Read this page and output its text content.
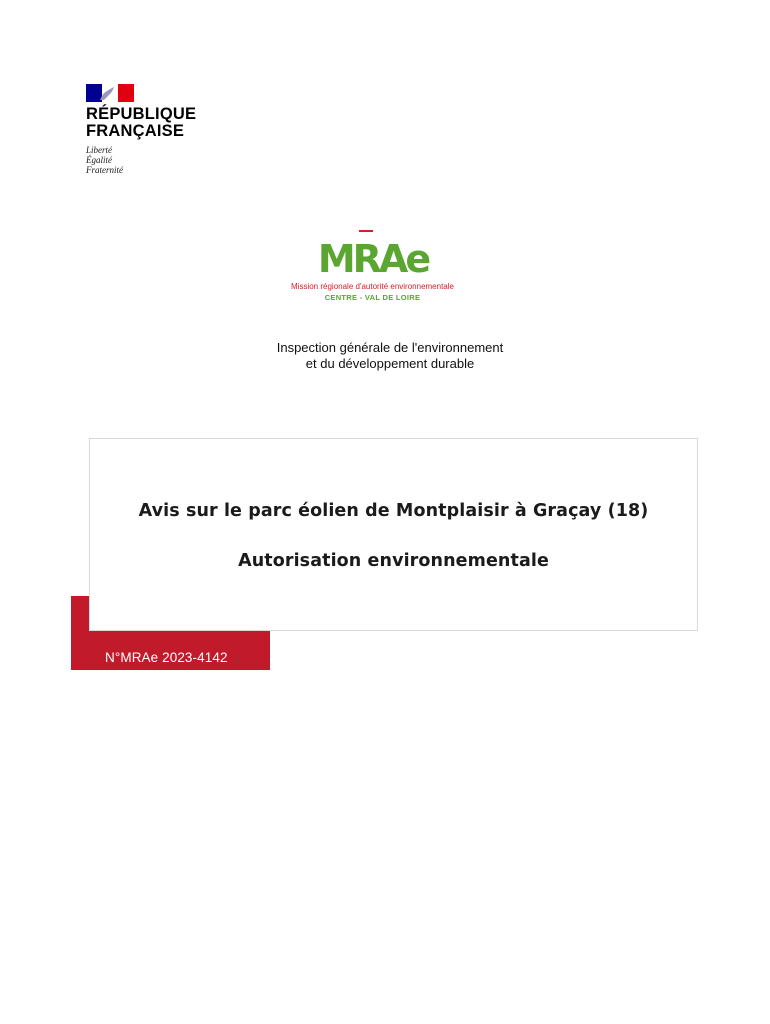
RÉPUBLIQUE
FRANÇAISE
Liberté
Égalité
Fraternité
MRAe
Mission régionale d'autorité environnementale
CENTRE - VAL DE LOIRE
Inspection générale de l'environnement
et du développement durable
Avis sur le parc éolien de Montplaisir à Graçay (18)
Autorisation environnementale
N°MRAe 2023-4142
